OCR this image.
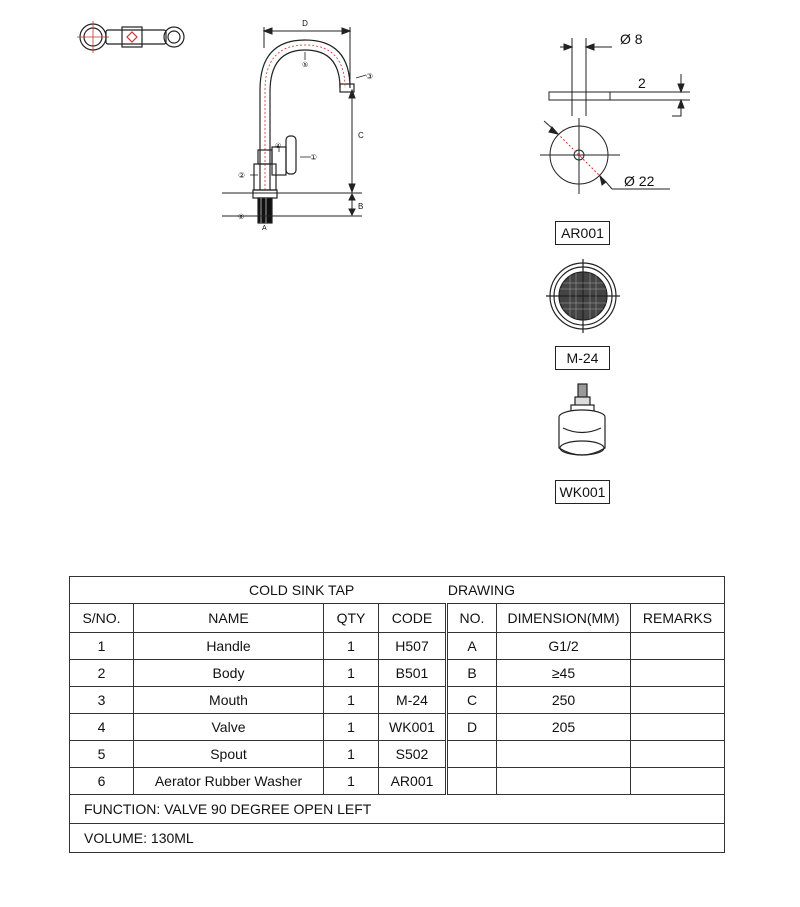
D
C
B
A
①
②
③
④
⑤
⑥
Ø 8
2
Ø 22
AR001
M-24
WK001
COLD SINK TAP DRAWING						
S/NO.	NAME	QTY	CODE	NO.	DIMENSION(MM)	REMARKS
1	Handle	1	H507	A	G1/2	
2	Body	1	B501	B	≥45	
3	Mouth	1	M-24	C	250	
4	Valve	1	WK001	D	205	
5	Spout	1	S502			
6	Aerator Rubber Washer	1	AR001			
FUNCTION: VALVE 90 DEGREE OPEN LEFT						
VOLUME: 130ML						
